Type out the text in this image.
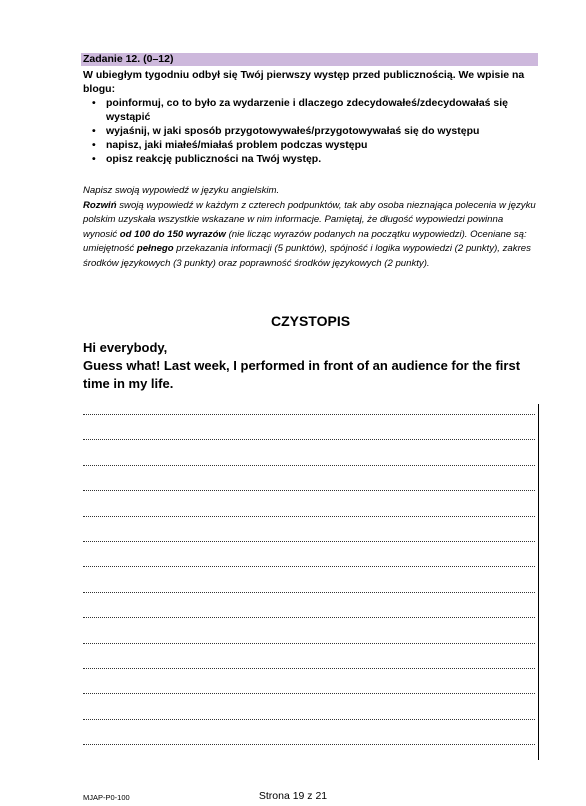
Zadanie 12. (0–12)
W ubiegłym tygodniu odbył się Twój pierwszy występ przed publicznością. We wpisie na blogu:
• poinformuj, co to było za wydarzenie i dlaczego zdecydowałeś/zdecydowałaś się wystąpić
• wyjaśnij, w jaki sposób przygotowywałeś/przygotowywałaś się do występu
• napisz, jaki miałeś/miałaś problem podczas występu
• opisz reakcję publiczności na Twój występ.

Napisz swoją wypowiedź w języku angielskim.

Rozwiń swoją wypowiedź w każdym z czterech podpunktów, tak aby osoba nieznająca polecenia w języku polskim uzyskała wszystkie wskazane w nim informacje. Pamiętaj, że długość wypowiedzi powinna wynosić od 100 do 150 wyrazów (nie licząc wyrazów podanych na początku wypowiedzi). Oceniane są: umiejętność pełnego przekazania informacji (5 punktów), spójność i logika wypowiedzi (2 punkty), zakres środków językowych (3 punkty) oraz poprawność środków językowych (2 punkty).

CZYSTOPIS

Hi everybody,

Guess what! Last week, I performed in front of an audience for the first time in my life.

MJAP-P0-100	Strona 19 z 21
